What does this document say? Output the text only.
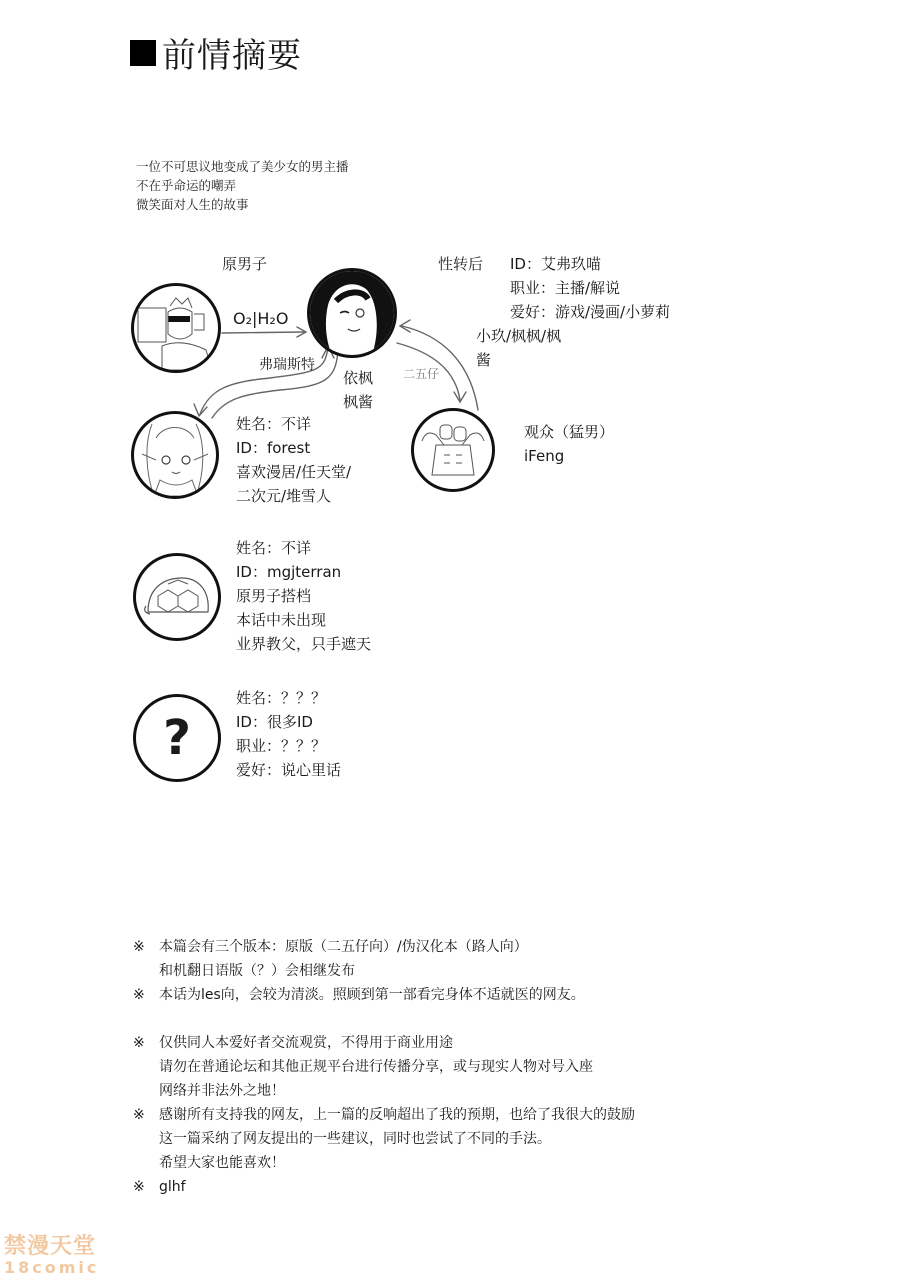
前情摘要
一位不可思议地变成了美少女的男主播
不在乎命运的嘲弄
微笑面对人生的故事
原男子
O₂|H₂O
性转后 ID：艾弗玖喵
职业：主播/解说
爱好：游戏/漫画/小萝莉
小玖/枫枫/枫
酱
依枫
枫酱
弗瑞斯特
二五仔
姓名：不详
ID：forest
喜欢漫居/任天堂/
二次元/堆雪人
观众（猛男）
iFeng
姓名：不详
ID：mgjterran
原男子搭档
本话中未出现
业界教父，只手遮天
?
姓名：？？？
ID：很多ID
职业：？？？
爱好：说心里话
※	本篇会有三个版本：原版（二五仔向）/伪汉化本（路人向）
和机翻日语版（？）会相继发布
※	本话为les向，会较为清淡。照顾到第一部看完身体不适就医的网友。
※	仅供同人本爱好者交流观赏，不得用于商业用途
请勿在普通论坛和其他正规平台进行传播分享，或与现实人物对号入座
网络并非法外之地！
※	感谢所有支持我的网友，上一篇的反响超出了我的预期，也给了我很大的鼓励
这一篇采纳了网友提出的一些建议，同时也尝试了不同的手法。
希望大家也能喜欢！
※	glhf
禁漫天堂
18comic
